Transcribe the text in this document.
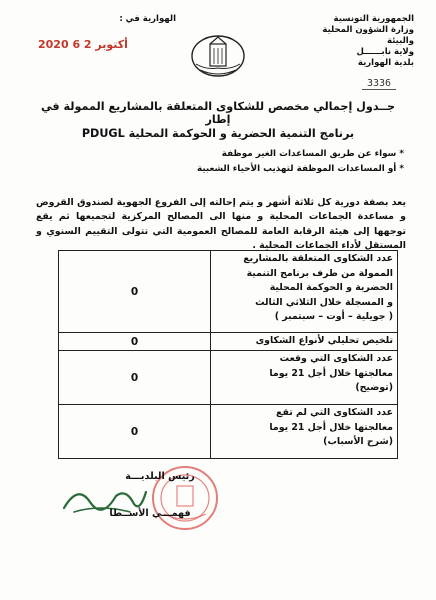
الجمهورية التونسية
وزارة الشؤون المحلية والبيئة
ولاية نابــــــل
بلدية الهوارية
الهوارية في :
2020 6 2 أكتوبر
3336
جــدول إجمالي مخصص للشكاوى المتعلقة بالمشاريع الممولة في إطار
برنامج التنمية الحضرية و الحوكمة المحلية PDUGL
* سواء عن طريق المساعدات الغير موظفة
* أو المساعدات الموظفة لتهذيب الأحياء الشعبية
يعد بصفة دورية كل ثلاثة أشهر و يتم إحالته إلى الفروع الجهوية لصندوق القروض و مساعدة الجماعات المحلية و منها الى المصالح المركزية لتجميعها ثم يقع توجهها إلى هيئة الرقابة العامة للمصالح العمومية التي تتولى التقييم السنوي و المستقل لأداء الجماعات المحلية .
عدد الشكاوى المتعلقة بالمشاريع
الممولة من طرف برنامج التنمية
الحضرية و الحوكمة المحلية
و المسجلة خلال الثلاثي الثالث
( جويلية – أوت – سبتمبر )	0

تلخيص تحليلي لأنواع الشكاوى	0

عدد الشكاوى التي وقعت
معالجتها خلال أجل 21 يوما
(توضيح)	0

عدد الشكاوى التي لم تقع
معالجتها خلال أجل 21 يوما
(شرح الأسباب)	0
رئيس البلديـــة
فهمـــي الأســطا
